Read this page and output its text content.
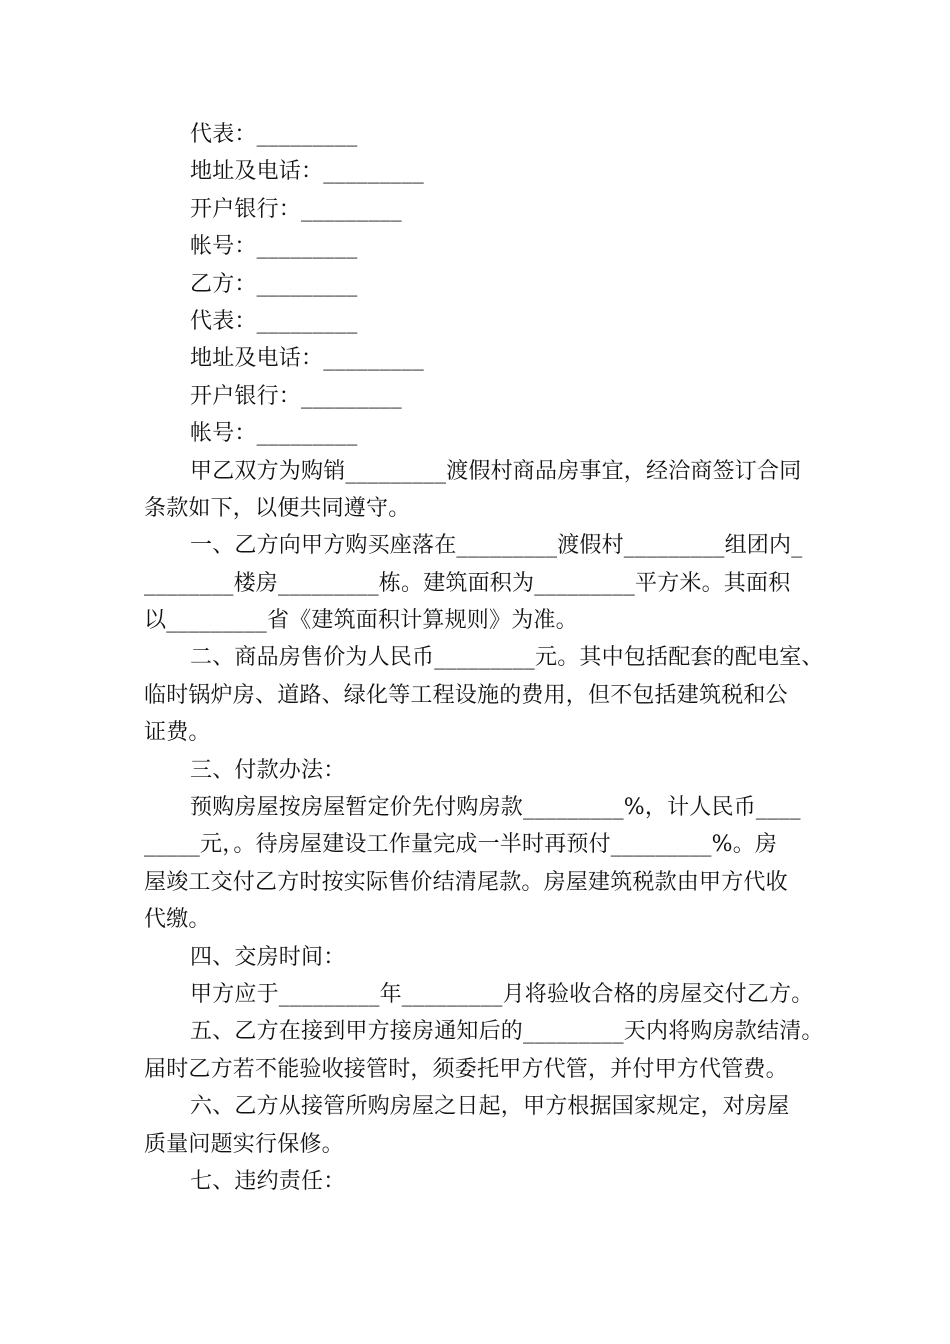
代表：_________
地址及电话：_________
开户银行：_________
帐号：_________
乙方：_________
代表：_________
地址及电话：_________
开户银行：_________
帐号：_________
甲乙双方为购销_________渡假村商品房事宜，经洽商签订合同
条款如下，以便共同遵守。
一、乙方向甲方购买座落在_________渡假村_________组团内_
________楼房_________栋。建筑面积为_________平方米。其面积
以_________省《建筑面积计算规则》为准。
二、商品房售价为人民币_________元。其中包括配套的配电室、
临时锅炉房、道路、绿化等工程设施的费用，但不包括建筑税和公
证费。
三、付款办法：
预购房屋按房屋暂定价先付购房款_________%，计人民币____
_____元，。待房屋建设工作量完成一半时再预付_________%。房
屋竣工交付乙方时按实际售价结清尾款。房屋建筑税款由甲方代收
代缴。
四、交房时间：
甲方应于_________年_________月将验收合格的房屋交付乙方。
五、乙方在接到甲方接房通知后的_________天内将购房款结清。
届时乙方若不能验收接管时，须委托甲方代管，并付甲方代管费。
六、乙方从接管所购房屋之日起，甲方根据国家规定，对房屋
质量问题实行保修。
七、违约责任：
